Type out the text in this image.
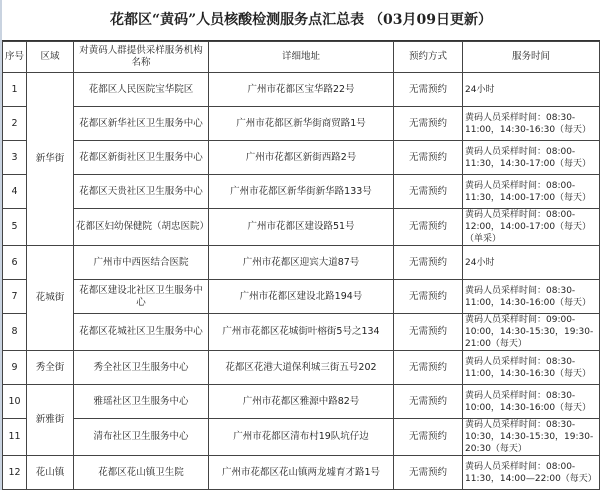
花都区“黄码”人员核酸检测服务点汇总表 （03月09日更新）
序号	区域	对黄码人群提供采样服务机构名称	详细地址	预约方式	服务时间
1	新华街	花都区人民医院宝华院区	广州市花都区宝华路22号	无需预约	24小时
2		花都区新华社区卫生服务中心	广州市花都区新华街商贸路1号	无需预约	黄码人员采样时间：08:30-11:00，14:30-16:30（每天）
3		花都区新街社区卫生服务中心	广州市花都区新街西路2号	无需预约	黄码人员采样时间：08:00-11:30，14:30-17:00（每天）
4		花都区天贵社区卫生服务中心	广州市花都区新华街新华路133号	无需预约	黄码人员采样时间：08:00-11:30，14:00-17:00（每天）
5		花都区妇幼保健院（胡忠医院）	广州市花都区建设路51号	无需预约	黄码人员采样时间：08:00-12:00，14:00-17:00（每天）（单采）
6	花城街	广州市中西医结合医院	广州市花都区迎宾大道87号	无需预约	24小时
7		花都区建设北社区卫生服务中心	广州市花都区建设北路194号	无需预约	黄码人员采样时间：08:30-11:00，14:30-16:00（每天）
8		花都区花城社区卫生服务中心	广州市花都区花城街叶榕街5号之134	无需预约	黄码人员采样时间：09:00-10:00，14:30-15:30，19:30-21:00（每天）
9	秀全街	秀全社区卫生服务中心	花都区花港大道保利城三街五号202	无需预约	黄码人员采样时间：08:30-11:00，14:30-16:30（每天）
10	新雅街	雅瑶社区卫生服务中心	广州市花都区雅源中路82号	无需预约	黄码人员采样时间：08:30-10:00，14:30-16:00（每天）
11		清布社区卫生服务中心	广州市花都区清布村19队坑仔边	无需预约	黄码人员采样时间：08:30-10:30，14:30-15:30，19:30-20:30（每天）
12	花山镇	花都区花山镇卫生院	广州市花都区花山镇两龙墟育才路1号	无需预约	黄码人员采样时间：08:00-11:30，14:00—22:00（每天）
